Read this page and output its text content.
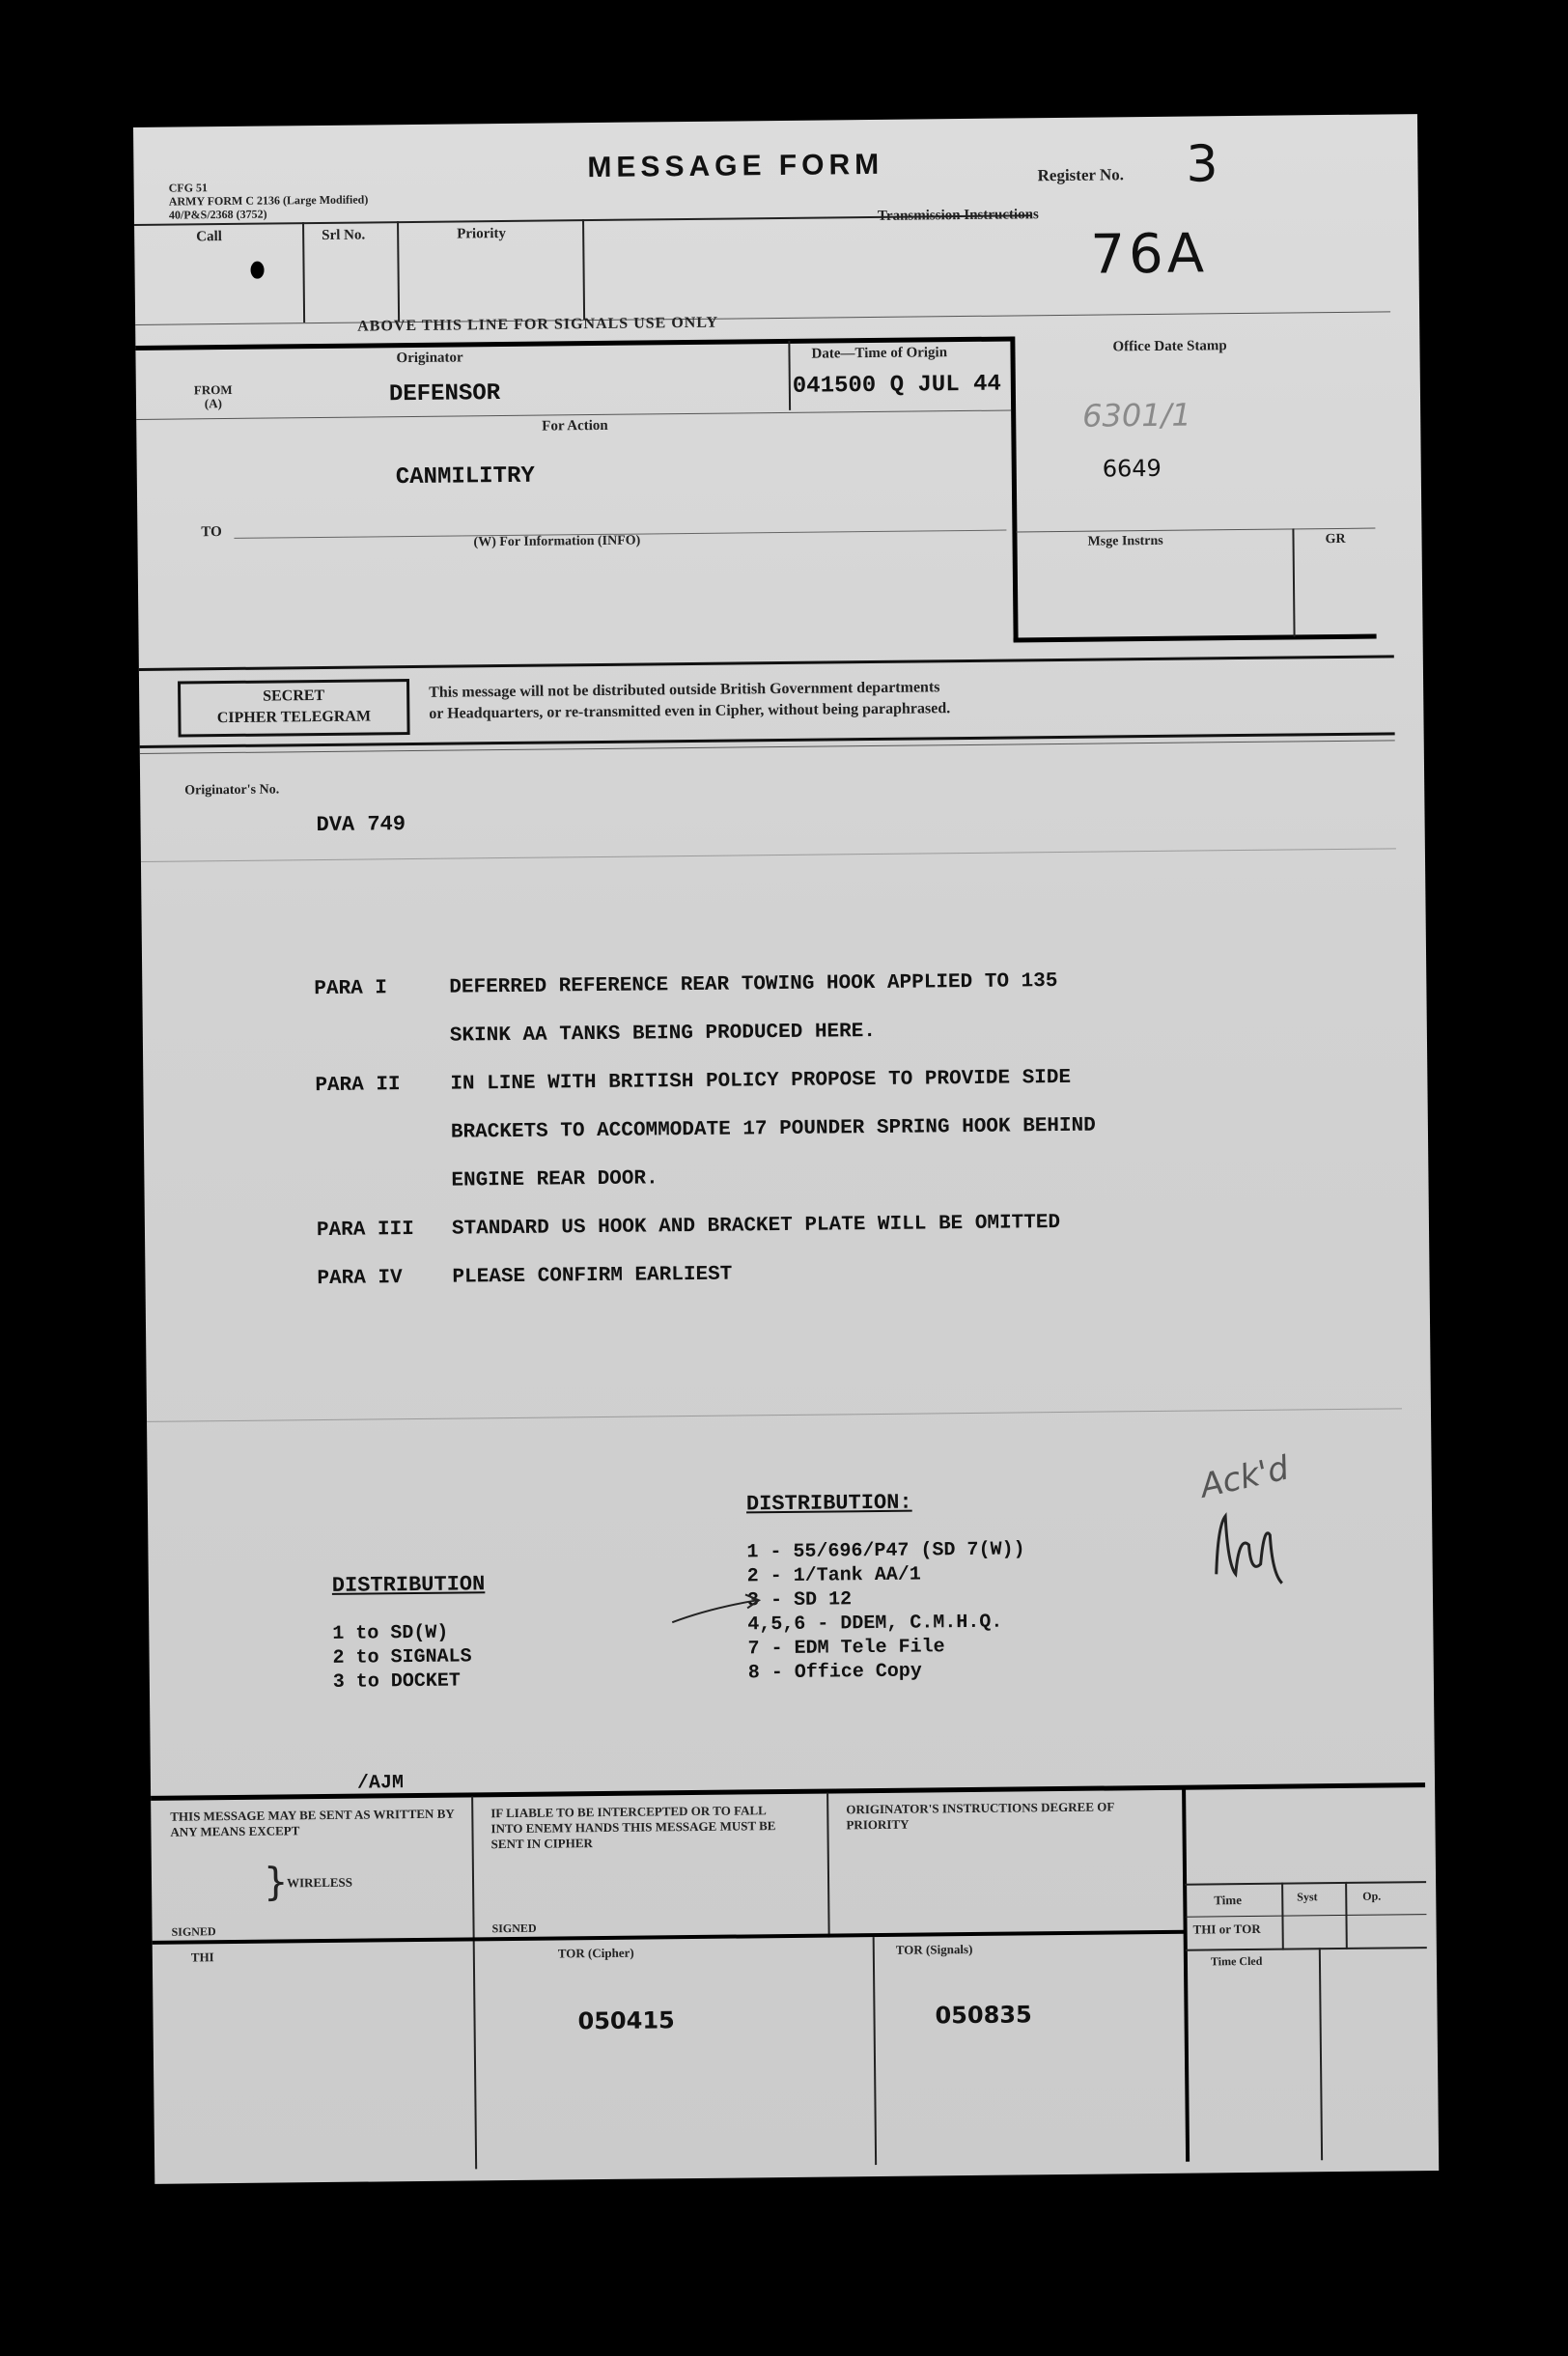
CFG 51
ARMY FORM C 2136 (Large Modified)
40/P&S/2368 (3752)
MESSAGE FORM	Register No. 3
Call	Srl No.	Priority
Transmission Instructions
76A
ABOVE THIS LINE FOR SIGNALS USE ONLY
Originator
FROM
(A)	DEFENSOR
Date—Time of Origin
041500 Q JUL 44
Office Date Stamp
6301/1
6649
For Action
CANMILITRY
TO
(W) For Information (INFO)	Msge Instrns	GR
SECRET
CIPHER TELEGRAM
This message will not be distributed outside British Government departments
or Headquarters, or re-transmitted even in Cipher, without being paraphrased.
Originator's No.
DVA 749
PARA I	DEFERRED REFERENCE REAR TOWING HOOK APPLIED TO 135
SKINK AA TANKS BEING PRODUCED HERE.
PARA II	IN LINE WITH BRITISH POLICY PROPOSE TO PROVIDE SIDE
BRACKETS TO ACCOMMODATE 17 POUNDER SPRING HOOK BEHIND
ENGINE REAR DOOR.
PARA III	STANDARD US HOOK AND BRACKET PLATE WILL BE OMITTED
PARA IV	PLEASE CONFIRM EARLIEST
DISTRIBUTION:
1 - 55/696/P47 (SD 7(W))
2 - 1/Tank AA/1
3 - SD 12
4,5,6 - DDEM, C.M.H.Q.
7 - EDM Tele File
8 - Office Copy
Ack'd
DISTRIBUTION
1 to SD(W)
2 to SIGNALS
3 to DOCKET
/AJM
THIS MESSAGE MAY BE SENT AS WRITTEN BY ANY MEANS EXCEPT
WIRELESS
}
IF LIABLE TO BE INTERCEPTED OR TO FALL INTO ENEMY HANDS THIS MESSAGE MUST BE SENT IN CIPHER
ORIGINATOR'S INSTRUCTIONS DEGREE OF PRIORITY
SIGNED	SIGNED
Time	Syst	Op.
THI or TOR
Time Cled
THI	TOR (Cipher)
050415
TOR (Signals)
050835
